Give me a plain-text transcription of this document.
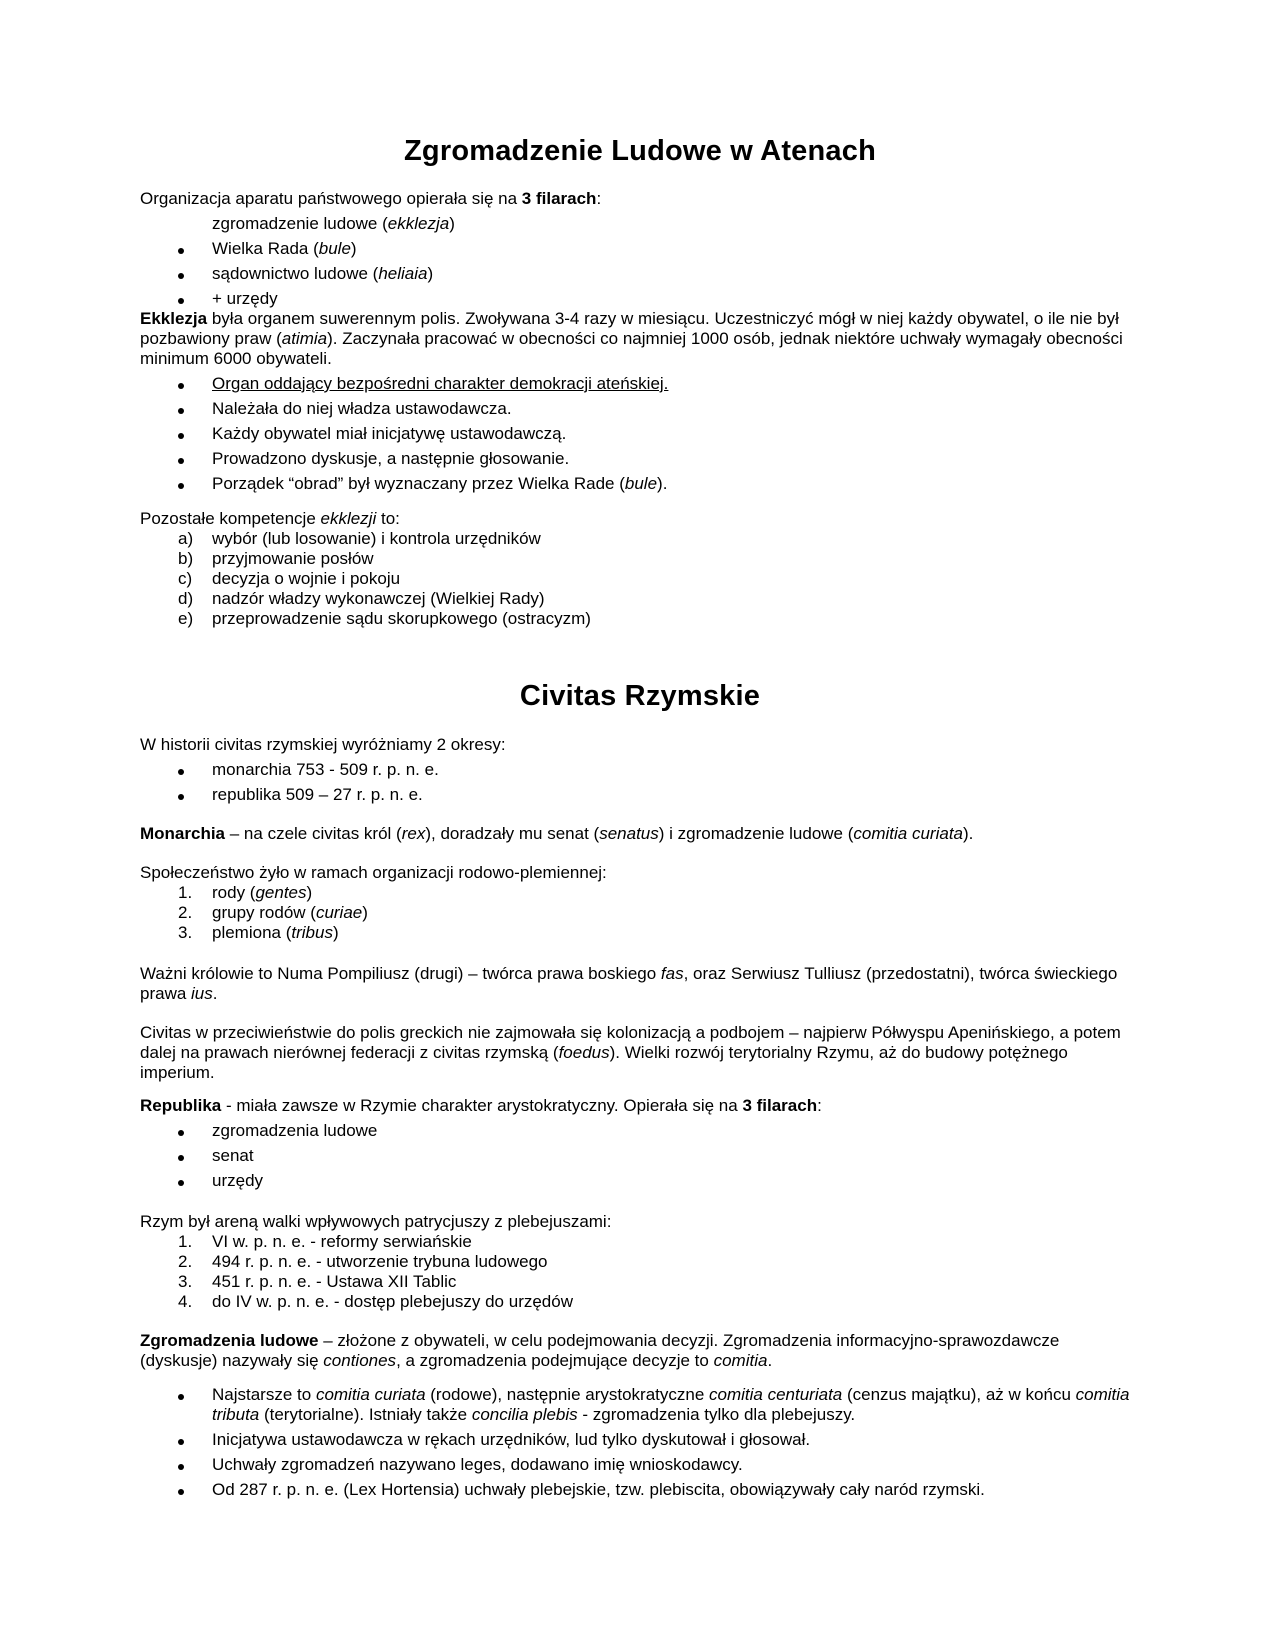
Zgromadzenie Ludowe w Atenach

Organizacja aparatu państwowego opierała się na 3 filarach:

zgromadzenie ludowe (ekklezja)
Wielka Rada (bule)
sądownictwo ludowe (heliaia)
+ urzędy

Ekklezja była organem suwerennym polis. Zwoływana 3-4 razy w miesiącu. Uczestniczyć mógł w niej każdy obywatel, o ile nie był pozbawiony praw (atimia). Zaczynała pracować w obecności co najmniej 1000 osób, jednak niektóre uchwały wymagały obecności minimum 6000 obywateli.

Organ oddający bezpośredni charakter demokracji ateńskiej.
Należała do niej władza ustawodawcza.
Każdy obywatel miał inicjatywę ustawodawczą.
Prowadzono dyskusje, a następnie głosowanie.
Porządek “obrad” był wyznaczany przez Wielka Rade (bule).

Pozostałe kompetencje ekklezji to:

a)	wybór (lub losowanie) i kontrola urzędników
b)	przyjmowanie posłów
c)	decyzja o wojnie i pokoju
d)	nadzór władzy wykonawczej (Wielkiej Rady)
e)	przeprowadzenie sądu skorupkowego (ostracyzm)
Civitas Rzymskie

W historii civitas rzymskiej wyróżniamy 2 okresy:

monarchia 753 - 509 r. p. n. e.
republika 509 – 27 r. p. n. e.

Monarchia – na czele civitas król (rex), doradzały mu senat (senatus) i zgromadzenie ludowe (comitia curiata).

Społeczeństwo żyło w ramach organizacji rodowo-plemiennej:

1.	rody (gentes)
2.	grupy rodów (curiae)
3.	plemiona (tribus)

Ważni królowie to Numa Pompiliusz (drugi) – twórca prawa boskiego fas, oraz Serwiusz Tulliusz (przedostatni), twórca świeckiego prawa ius.

Civitas w przeciwieństwie do polis greckich nie zajmowała się kolonizacją a podbojem – najpierw Półwyspu Apenińskiego, a potem dalej na prawach nierównej federacji z civitas rzymską (foedus). Wielki rozwój terytorialny Rzymu, aż do budowy potężnego imperium.

Republika - miała zawsze w Rzymie charakter arystokratyczny. Opierała się na 3 filarach:

zgromadzenia ludowe
senat
urzędy

Rzym był areną walki wpływowych patrycjuszy z plebejuszami:

1.	VI w. p. n. e. - reformy serwiańskie
2.	494 r. p. n. e. - utworzenie trybuna ludowego
3.	451 r. p. n. e. - Ustawa XII Tablic
4.	do IV w. p. n. e. - dostęp plebejuszy do urzędów

Zgromadzenia ludowe – złożone z obywateli, w celu podejmowania decyzji. Zgromadzenia informacyjno-sprawozdawcze (dyskusje) nazywały się contiones, a zgromadzenia podejmujące decyzje to comitia.

Najstarsze to comitia curiata (rodowe), następnie arystokratyczne comitia centuriata (cenzus majątku), aż w końcu comitia tributa (terytorialne). Istniały także concilia plebis - zgromadzenia tylko dla plebejuszy.
Inicjatywa ustawodawcza w rękach urzędników, lud tylko dyskutował i głosował.
Uchwały zgromadzeń nazywano leges, dodawano imię wnioskodawcy.
Od 287 r. p. n. e. (Lex Hortensia) uchwały plebejskie, tzw. plebiscita, obowiązywały cały naród rzymski.
